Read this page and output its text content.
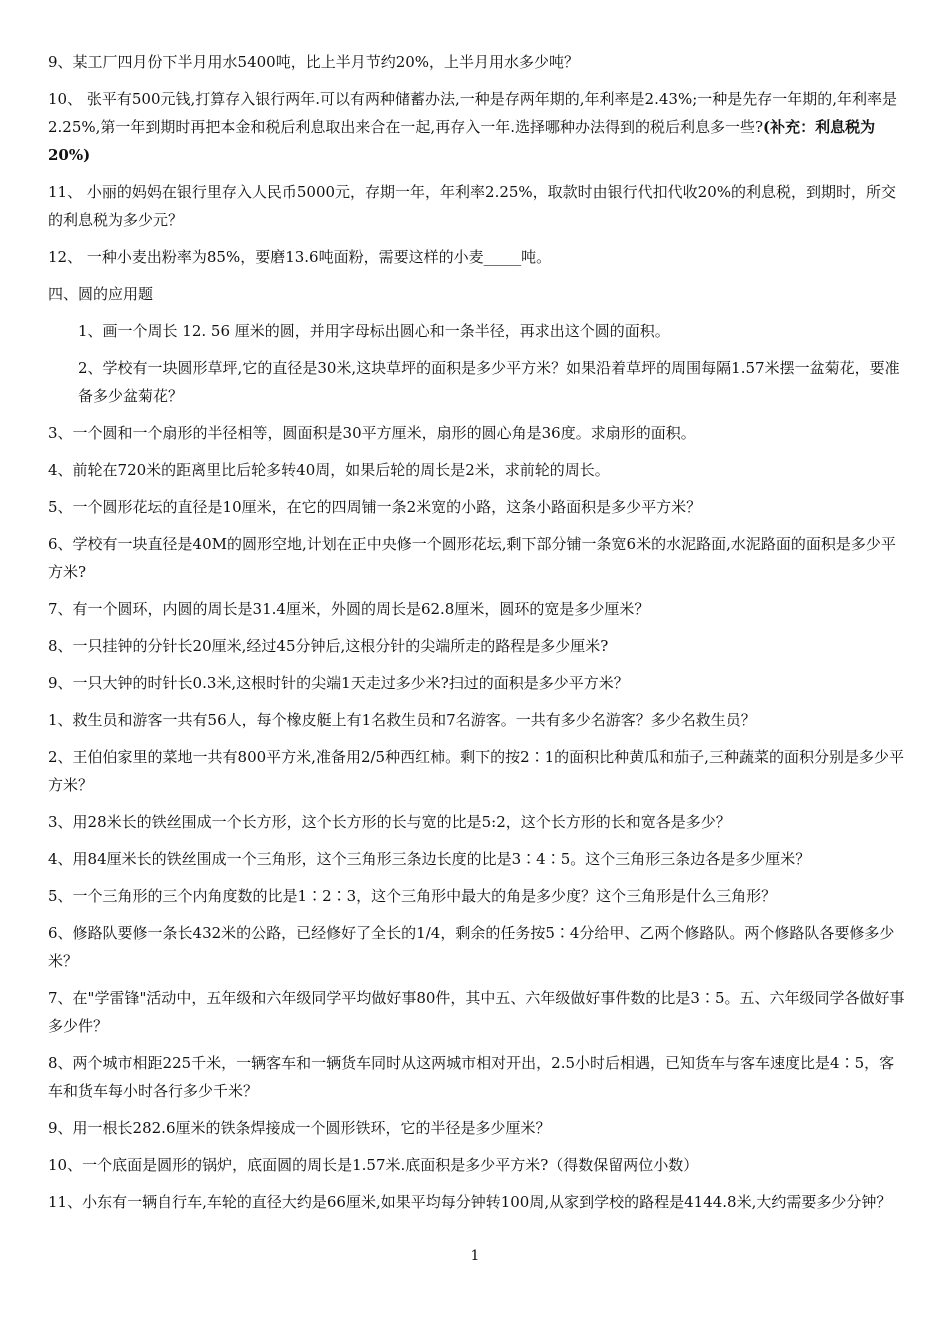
9、某工厂四月份下半月用水5400吨，比上半月节约20%，上半月用水多少吨？

10、 张平有500元钱,打算存入银行两年.可以有两种储蓄办法,一种是存两年期的,年利率是2.43%;一种是先存一年期的,年利率是2.25%,第一年到期时再把本金和税后利息取出来合在一起,再存入一年.选择哪种办法得到的税后利息多一些?(补充：利息税为20%)

11、 小丽的妈妈在银行里存入人民币5000元，存期一年，年利率2.25%，取款时由银行代扣代收20%的利息税，到期时，所交的利息税为多少元？

12、 一种小麦出粉率为85%，要磨13.6吨面粉，需要这样的小麦_____吨。

四、圆的应用题

1、画一个周长 12. 56 厘米的圆，并用字母标出圆心和一条半径，再求出这个圆的面积。

2、学校有一块圆形草坪,它的直径是30米,这块草坪的面积是多少平方米？如果沿着草坪的周围每隔1.57米摆一盆菊花，要准备多少盆菊花？

3、一个圆和一个扇形的半径相等，圆面积是30平方厘米，扇形的圆心角是36度。求扇形的面积。

4、前轮在720米的距离里比后轮多转40周，如果后轮的周长是2米，求前轮的周长。

5、一个圆形花坛的直径是10厘米，在它的四周铺一条2米宽的小路，这条小路面积是多少平方米？

6、学校有一块直径是40M的圆形空地,计划在正中央修一个圆形花坛,剩下部分铺一条宽6米的水泥路面,水泥路面的面积是多少平方米?

7、有一个圆环，内圆的周长是31.4厘米，外圆的周长是62.8厘米，圆环的宽是多少厘米？

8、一只挂钟的分针长20厘米,经过45分钟后,这根分针的尖端所走的路程是多少厘米?

9、一只大钟的时针长0.3米,这根时针的尖端1天走过多少米?扫过的面积是多少平方米？

1、救生员和游客一共有56人，每个橡皮艇上有1名救生员和7名游客。一共有多少名游客？多少名救生员？

2、王伯伯家里的菜地一共有800平方米,准备用2/5种西红柿。剩下的按2∶1的面积比种黄瓜和茄子,三种蔬菜的面积分别是多少平方米？

3、用28米长的铁丝围成一个长方形，这个长方形的长与宽的比是5:2，这个长方形的长和宽各是多少？

4、用84厘米长的铁丝围成一个三角形，这个三角形三条边长度的比是3∶4∶5。这个三角形三条边各是多少厘米？

5、一个三角形的三个内角度数的比是1∶2∶3，这个三角形中最大的角是多少度？这个三角形是什么三角形？

6、修路队要修一条长432米的公路，已经修好了全长的1/4，剩余的任务按5∶4分给甲、乙两个修路队。两个修路队各要修多少米？

7、在"学雷锋"活动中，五年级和六年级同学平均做好事80件，其中五、六年级做好事件数的比是3∶5。五、六年级同学各做好事多少件？

8、两个城市相距225千米，一辆客车和一辆货车同时从这两城市相对开出，2.5小时后相遇，已知货车与客车速度比是4∶5，客车和货车每小时各行多少千米？

9、用一根长282.6厘米的铁条焊接成一个圆形铁环，它的半径是多少厘米？

10、一个底面是圆形的锅炉，底面圆的周长是1.57米.底面积是多少平方米?（得数保留两位小数）

11、小东有一辆自行车,车轮的直径大约是66厘米,如果平均每分钟转100周,从家到学校的路程是4144.8米,大约需要多少分钟？

1
